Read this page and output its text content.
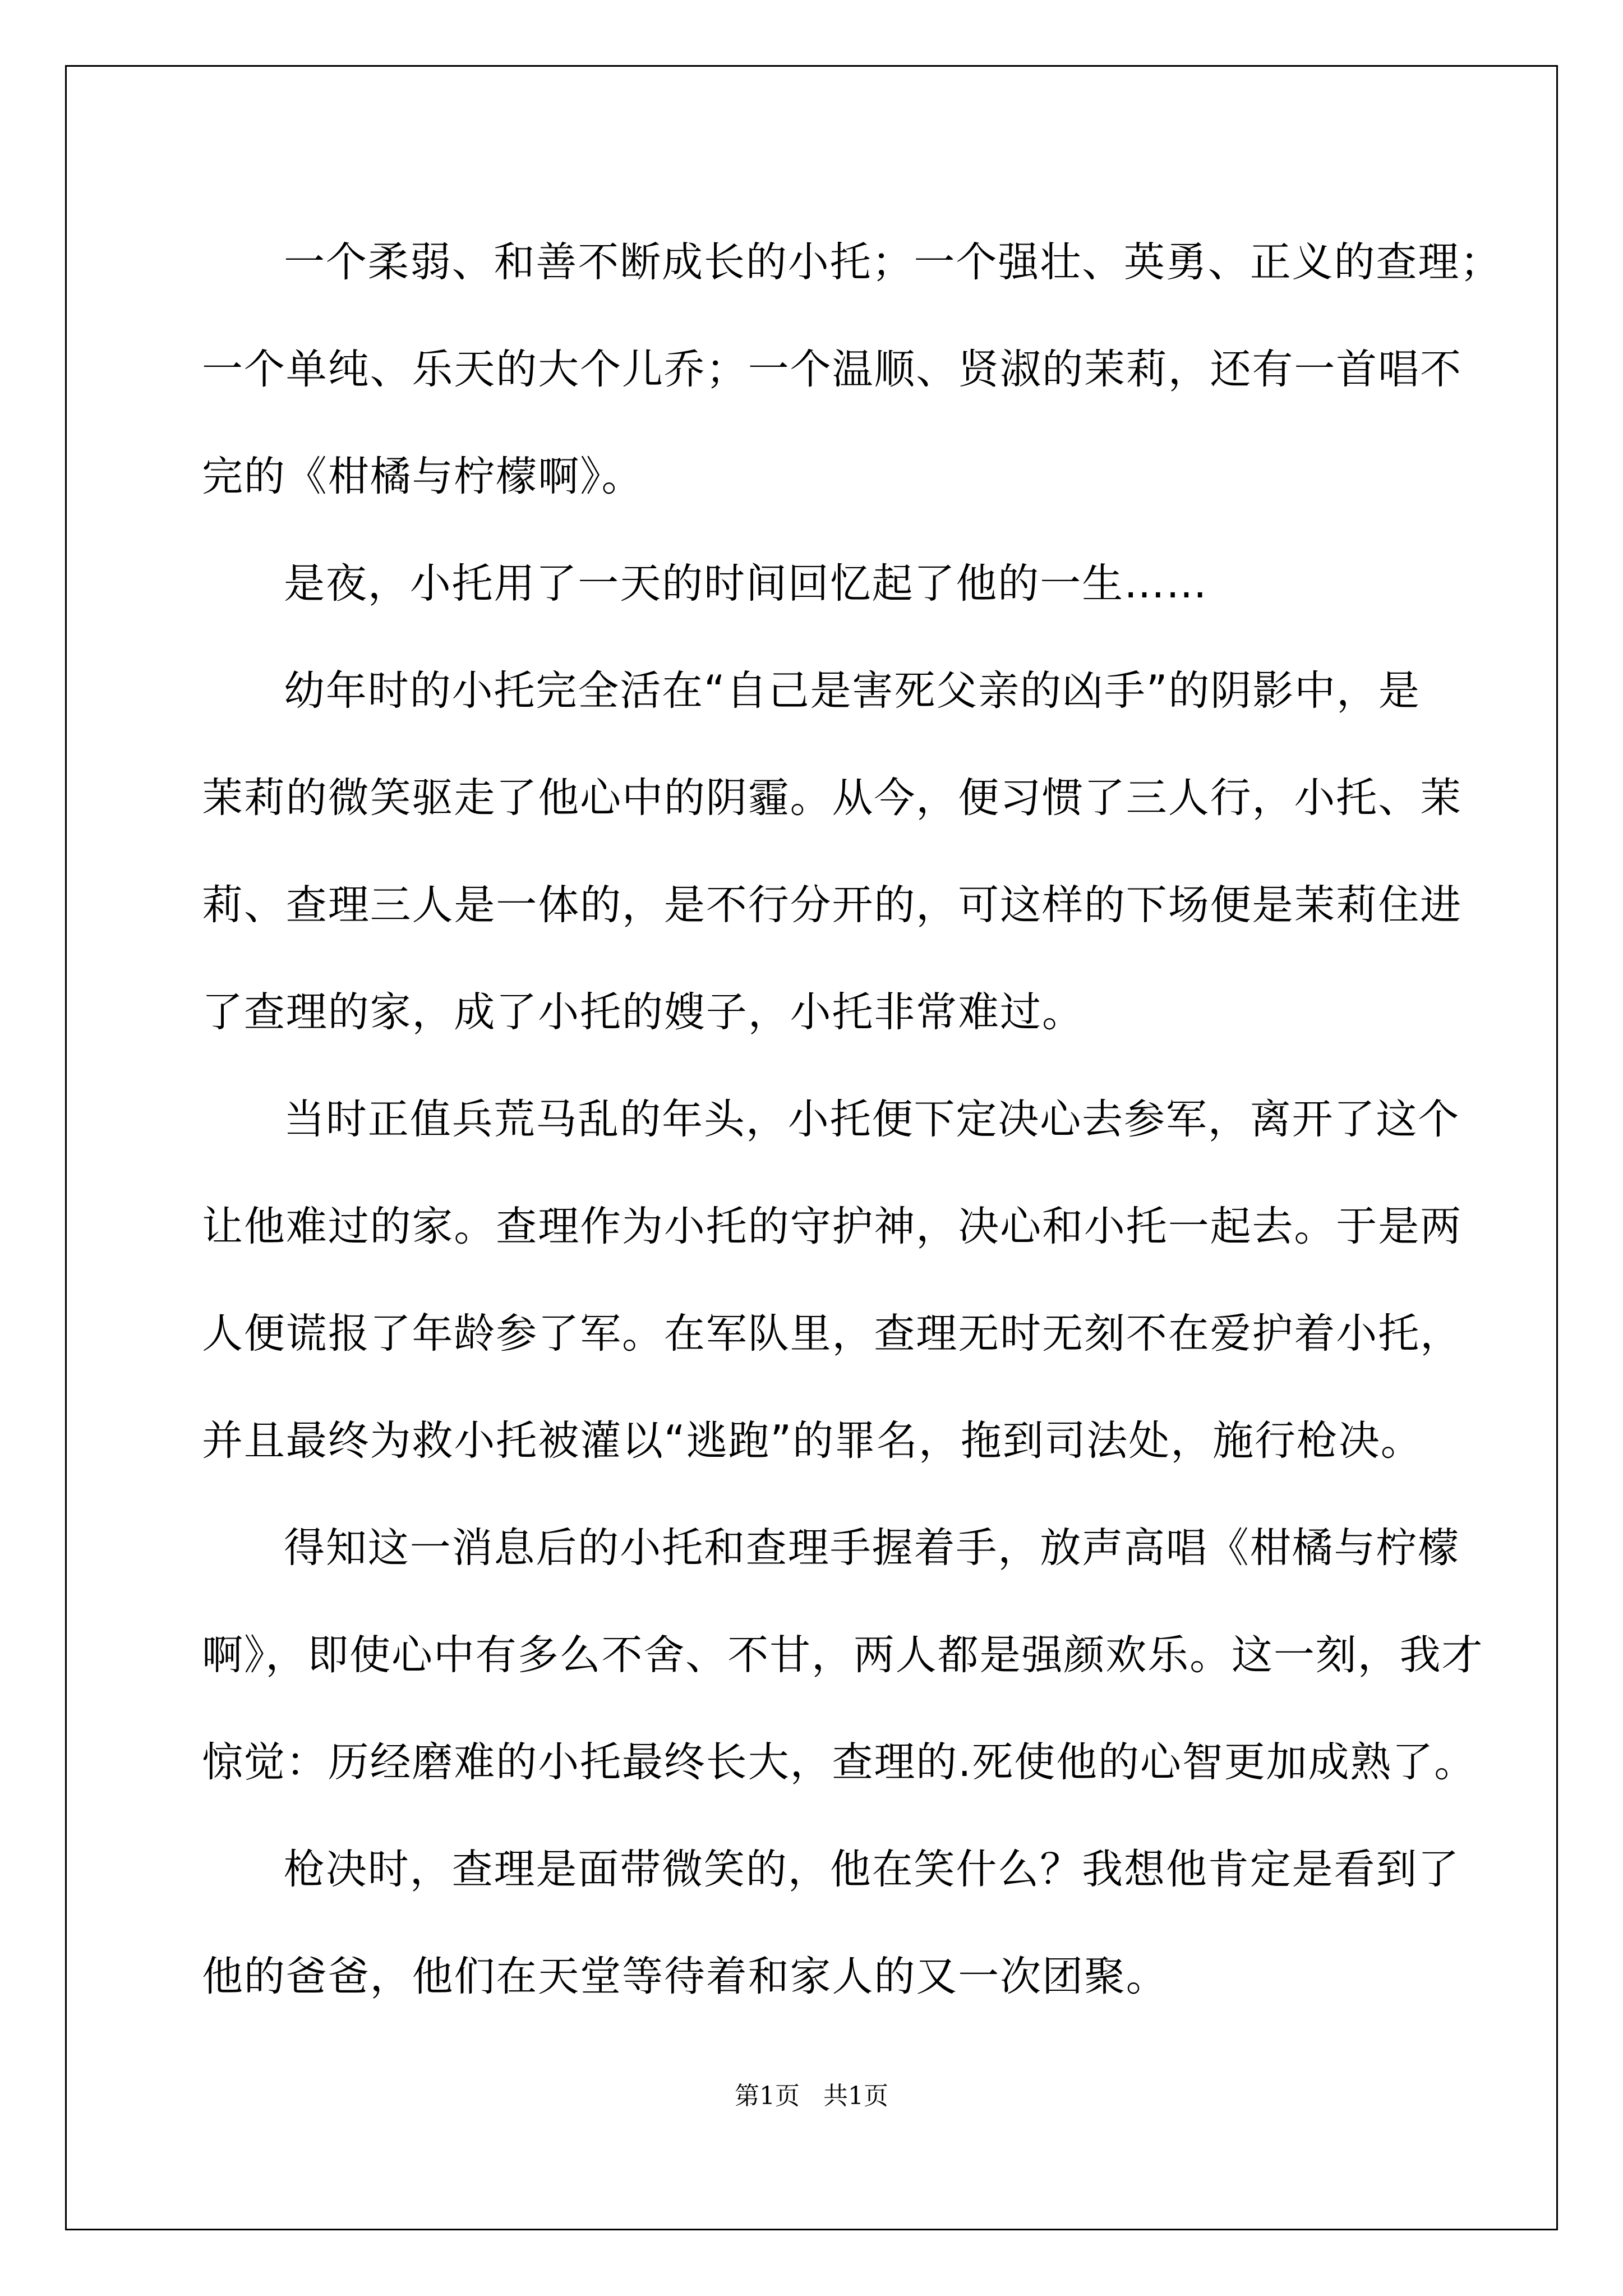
一个柔弱、和善不断成长的小托；一个强壮、英勇、正义的查理；
一个单纯、乐天的大个儿乔；一个温顺、贤淑的茉莉，还有一首唱不
完的《柑橘与柠檬啊》。
是夜，小托用了一天的时间回忆起了他的一生……
幼年时的小托完全活在“自己是害死父亲的凶手”的阴影中，是
茉莉的微笑驱走了他心中的阴霾。从今，便习惯了三人行，小托、茉
莉、查理三人是一体的，是不行分开的，可这样的下场便是茉莉住进
了查理的家，成了小托的嫂子，小托非常难过。
当时正值兵荒马乱的年头，小托便下定决心去参军，离开了这个
让他难过的家。查理作为小托的守护神，决心和小托一起去。于是两
人便谎报了年龄参了军。在军队里，查理无时无刻不在爱护着小托，
并且最终为救小托被灌以“逃跑”的罪名，拖到司法处，施行枪决。
得知这一消息后的小托和查理手握着手，放声高唱《柑橘与柠檬
啊》，即使心中有多么不舍、不甘，两人都是强颜欢乐。这一刻，我才
惊觉：历经磨难的小托最终长大，查理的.死使他的心智更加成熟了。
枪决时，查理是面带微笑的，他在笑什么？我想他肯定是看到了
他的爸爸，他们在天堂等待着和家人的又一次团聚。
第1页   共1页
